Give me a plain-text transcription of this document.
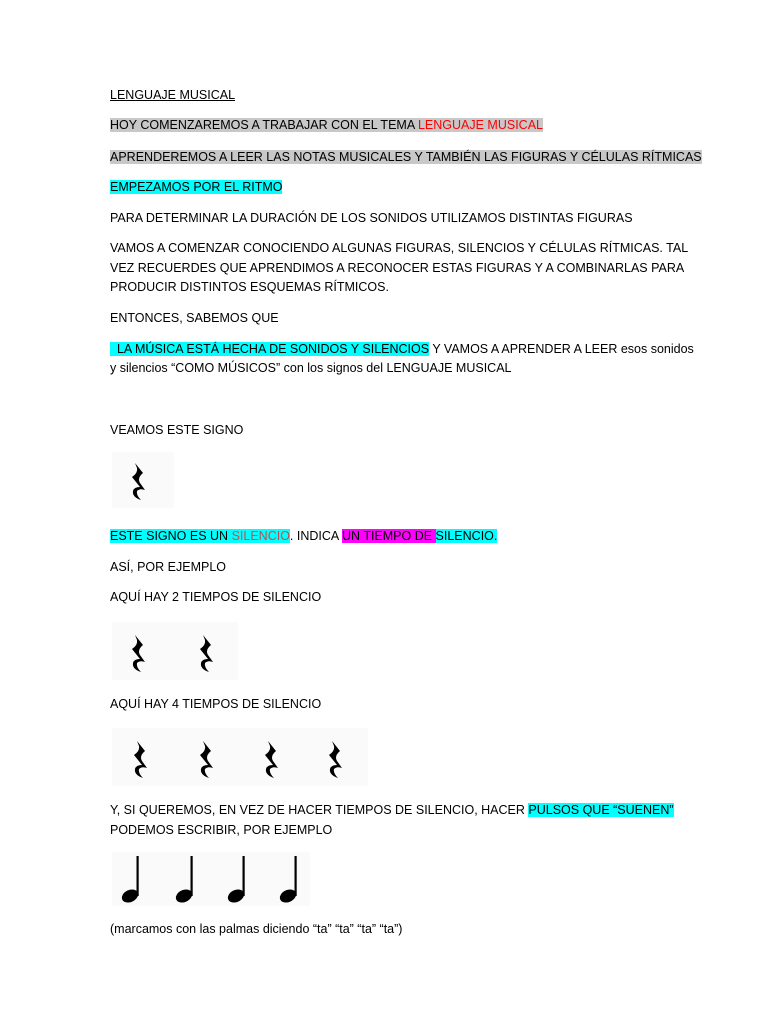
LENGUAJE MUSICAL
HOY COMENZAREMOS A TRABAJAR CON EL TEMA LENGUAJE MUSICAL
APRENDEREMOS A LEER LAS NOTAS MUSICALES Y TAMBIÉN LAS FIGURAS Y CÉLULAS RÍTMICAS
EMPEZAMOS POR EL RITMO
PARA DETERMINAR LA DURACIÓN DE LOS SONIDOS UTILIZAMOS DISTINTAS FIGURAS
VAMOS A COMENZAR CONOCIENDO ALGUNAS FIGURAS, SILENCIOS Y CÉLULAS RÍTMICAS. TAL
VEZ RECUERDES QUE APRENDIMOS A RECONOCER ESTAS FIGURAS Y A COMBINARLAS PARA
PRODUCIR DISTINTOS ESQUEMAS RÍTMICOS.
ENTONCES, SABEMOS QUE
LA MÚSICA ESTÁ HECHA DE SONIDOS Y SILENCIOS Y VAMOS A APRENDER A LEER esos sonidos
y silencios “COMO MÚSICOS” con los signos del LENGUAJE MUSICAL
VEAMOS ESTE SIGNO
ESTE SIGNO ES UN SILENCIO. INDICA UN TIEMPO DE SILENCIO.
ASÍ, POR EJEMPLO
AQUÍ HAY 2 TIEMPOS DE SILENCIO
AQUÍ HAY 4 TIEMPOS DE SILENCIO
Y, SI QUEREMOS, EN VEZ DE HACER TIEMPOS DE SILENCIO, HACER PULSOS QUE “SUENEN”
PODEMOS ESCRIBIR, POR EJEMPLO
(marcamos con las palmas diciendo “ta” “ta” “ta” “ta”)
